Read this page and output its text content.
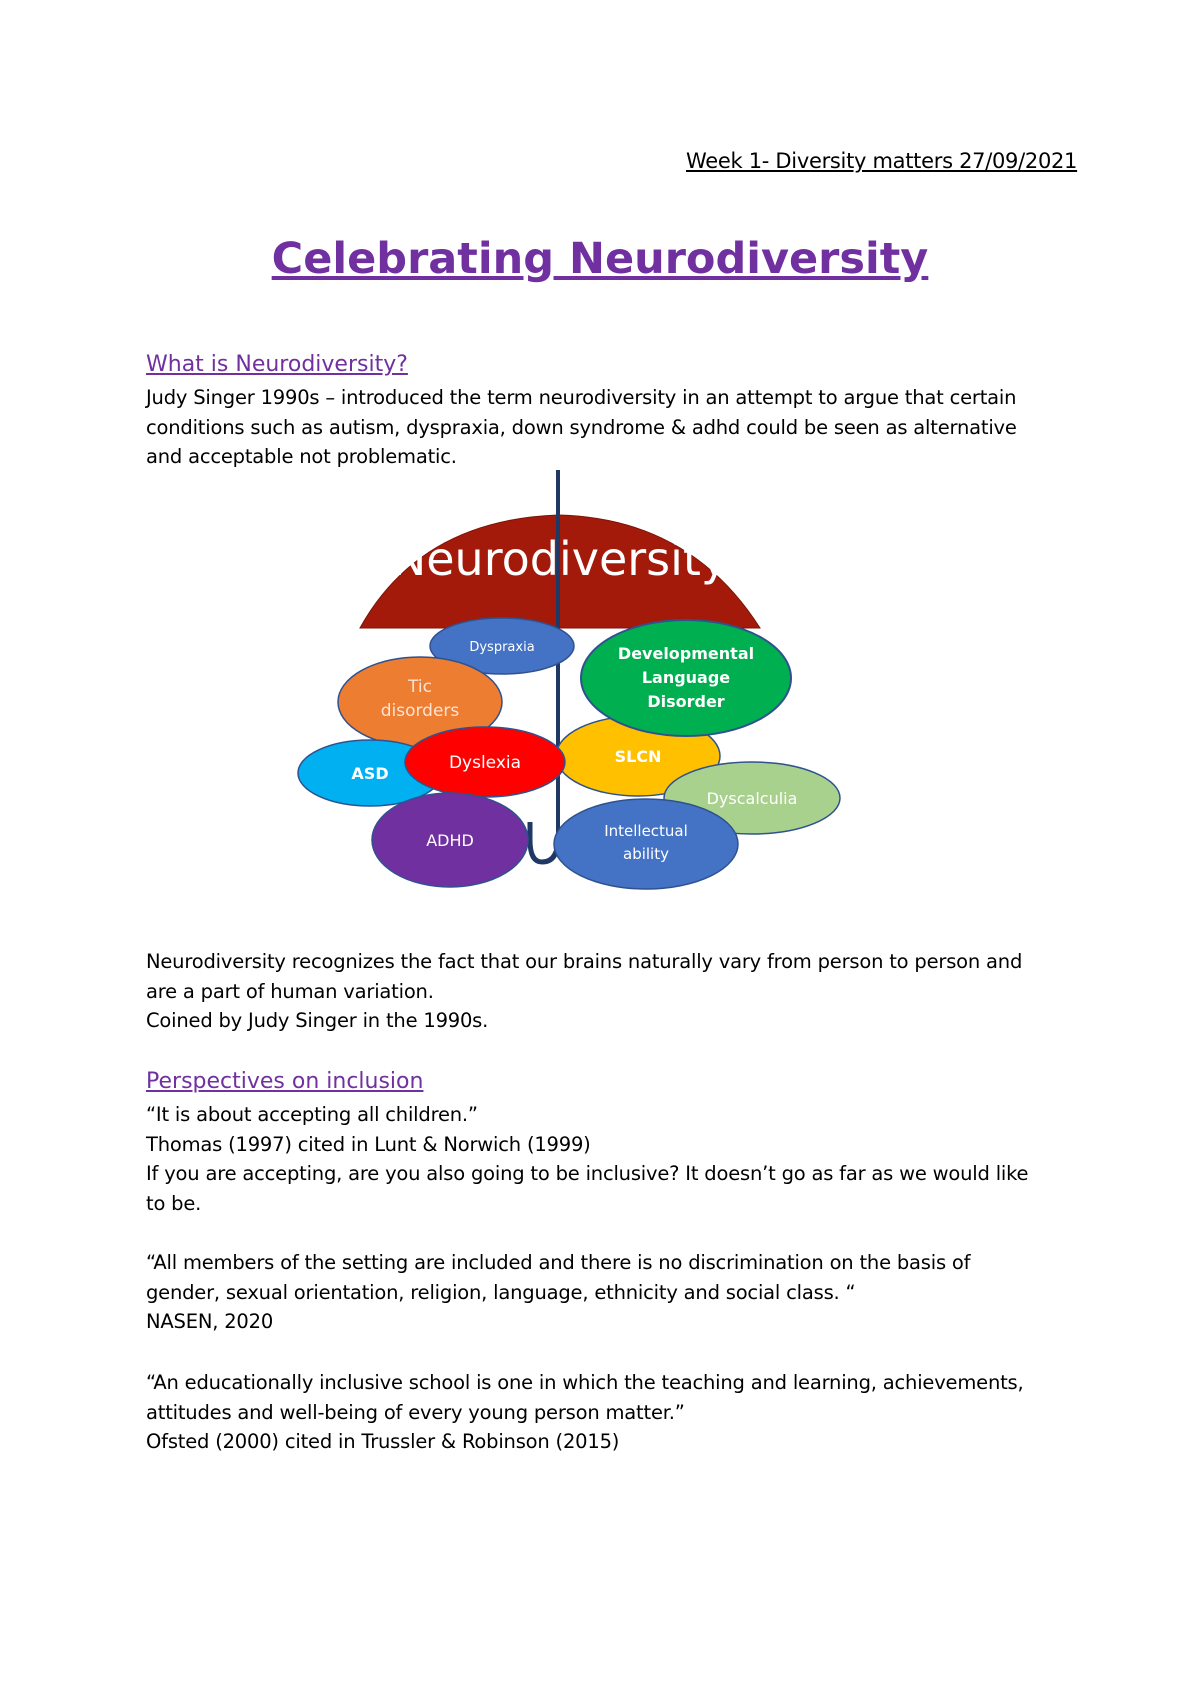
Week 1- Diversity matters 27/09/2021
Celebrating Neurodiversity
What is Neurodiversity?
Judy Singer 1990s – introduced the term neurodiversity in an attempt to argue that certain
conditions such as autism, dyspraxia, down syndrome & adhd could be seen as alternative
and acceptable not problematic.
Neurodiversity
Dyspraxia
Tic
disorders
SLCN
Developmental
Language
Disorder
ASD
Dyslexia
Dyscalculia
ADHD	Intellectual
ability
Neurodiversity recognizes the fact that our brains naturally vary from person to person and
are a part of human variation.
Coined by Judy Singer in the 1990s.
Perspectives on inclusion
“It is about accepting all children.”
Thomas (1997) cited in Lunt & Norwich (1999)
If you are accepting, are you also going to be inclusive? It doesn’t go as far as we would like
to be.
“All members of the setting are included and there is no discrimination on the basis of
gender, sexual orientation, religion, language, ethnicity and social class. “
NASEN, 2020
“An educationally inclusive school is one in which the teaching and learning, achievements,
attitudes and well-being of every young person matter.”
Ofsted (2000) cited in Trussler & Robinson (2015)
